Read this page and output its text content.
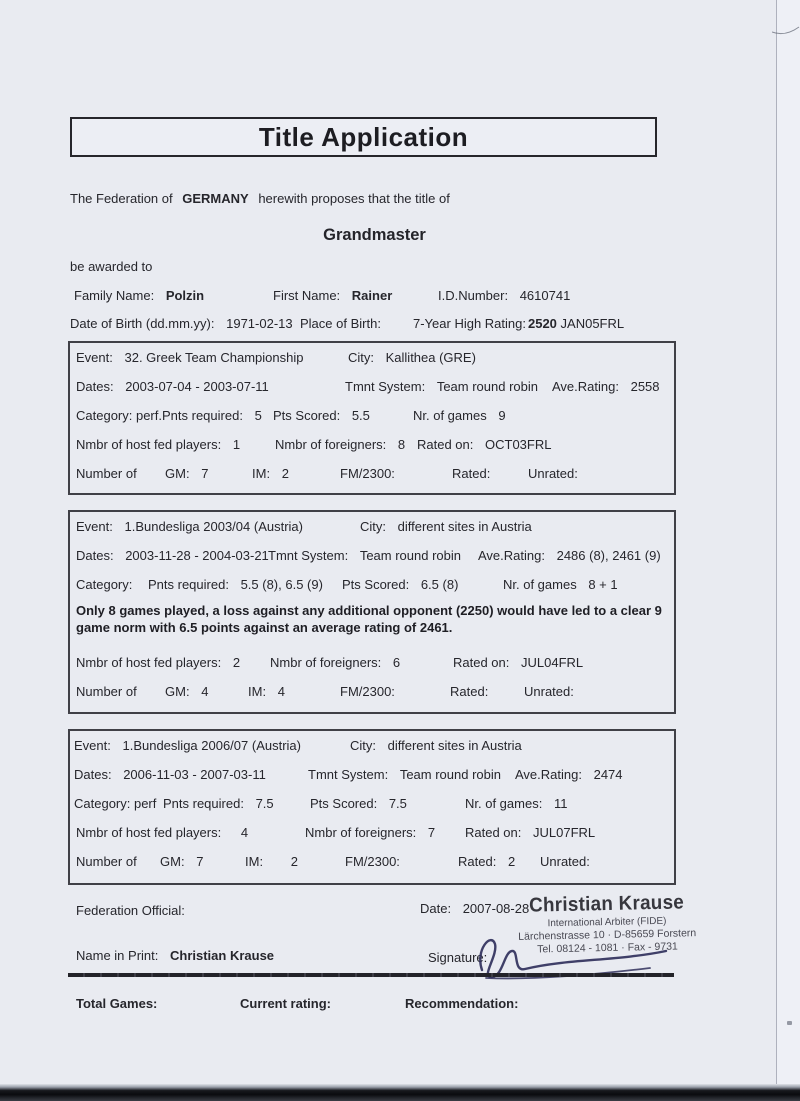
Title Application
The Federation of GERMANY herewith proposes that the title of
Grandmaster
be awarded to
Family Name: Polzin	First Name: Rainer	I.D.Number: 4610741
Date of Birth (dd.mm.yy): 1971-02-13 Place of Birth:	7-Year High Rating: 2520 JAN05FRL
Event: 32. Greek Team Championship	City: Kallithea (GRE)
Dates: 2003-07-04 - 2003-07-11	Tmnt System: Team round robin Ave.Rating: 2558
Category: perf. Pnts required: 5 Pts Scored: 5.5	Nr. of games 9
Nmbr of host fed players: 1	Nmbr of foreigners: 8 Rated on: OCT03FRL
Number of GM: 7	IM: 2	FM/2300:	Rated:	Unrated:
Event: 1.Bundesliga 2003/04 (Austria)	City: different sites in Austria
Dates: 2003-11-28 - 2004-03-21 Tmnt System: Team round robin Ave.Rating: 2486 (8), 2461 (9)
Category: Pnts required: 5.5 (8), 6.5 (9) Pts Scored: 6.5 (8)	Nr. of games 8 + 1
Only 8 games played, a loss against any additional opponent (2250) would have led to a clear 9 game norm with 6.5 points against an average rating of 2461.
Nmbr of host fed players: 2 Nmbr of foreigners: 6	Rated on: JUL04FRL
Number of GM: 4	IM: 4	FM/2300:	Rated:	Unrated:
Event: 1.Bundesliga 2006/07 (Austria)	City: different sites in Austria
Dates: 2006-11-03 - 2007-03-11	Tmnt System: Team round robin Ave.Rating: 2474
Category: perf Pnts required: 7.5	Pts Scored: 7.5	Nr. of games: 11
Nmbr of host fed players: 4	Nmbr of foreigners: 7 Rated on: JUL07FRL
Number of GM: 7	IM: 2	FM/2300:	Rated: 2 Unrated:
Federation Official:	Date: 2007-08-28 Christian Krause
International Arbiter (FIDE)
Lärchenstrasse 10 · D-85659 Forstern
Tel. 08124 - 1081 · Fax - 9731
Name in Print: Christian Krause	Signature:
Total Games:	Current rating:	Recommendation:
